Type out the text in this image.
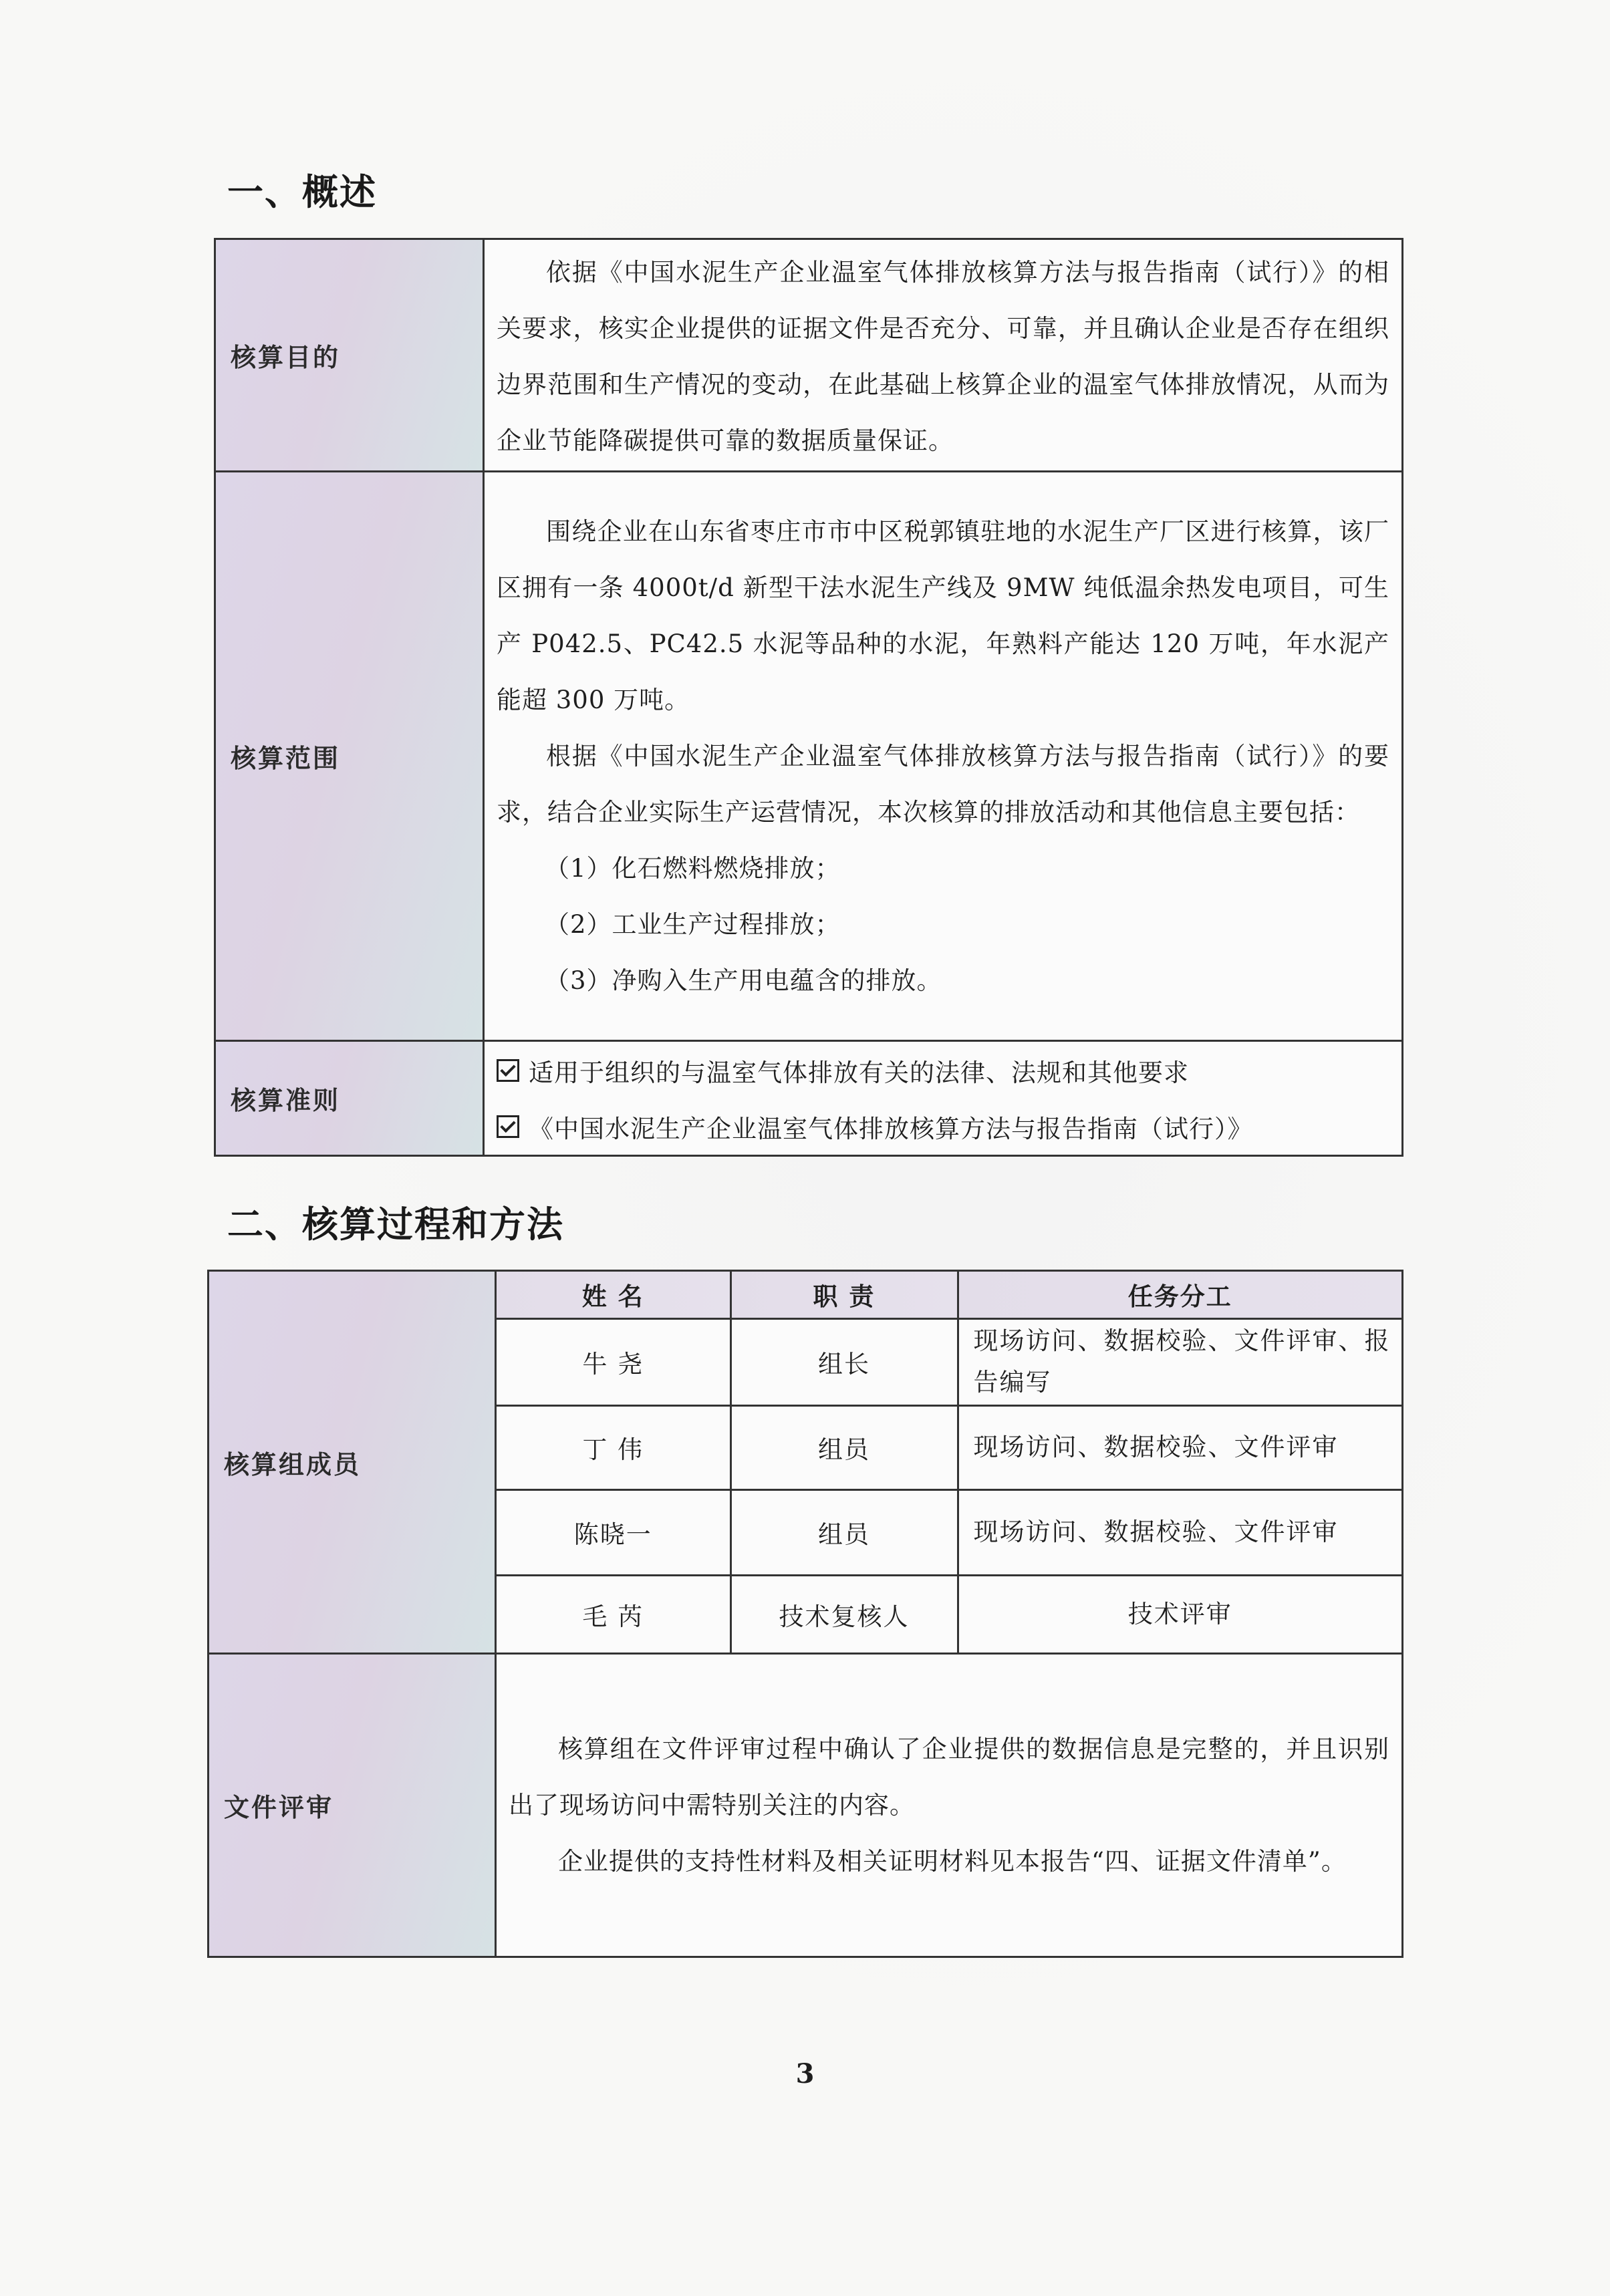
一、概述
核算目的	依据《中国水泥生产企业温室气体排放核算方法与报告指南（试行）》的相关要求，核实企业提供的证据文件是否充分、可靠，并且确认企业是否存在组织边界范围和生产情况的变动，在此基础上核算企业的温室气体排放情况，从而为企业节能降碳提供可靠的数据质量保证。

核算范围	围绕企业在山东省枣庄市市中区税郭镇驻地的水泥生产厂区进行核算，该厂区拥有一条 4000t/d 新型干法水泥生产线及 9MW 纯低温余热发电项目，可生产 P042.5、PC42.5 水泥等品种的水泥，年熟料产能达 120 万吨，年水泥产能超 300 万吨。

根据《中国水泥生产企业温室气体排放核算方法与报告指南（试行）》的要求，结合企业实际生产运营情况，本次核算的排放活动和其他信息主要包括：

（1）化石燃料燃烧排放；
（2）工业生产过程排放；
（3）净购入生产用电蕴含的排放。

核算准则	适用于组织的与温室气体排放有关的法律、法规和其他要求
《中国水泥生产企业温室气体排放核算方法与报告指南（试行）》
二、核算过程和方法
核算组成员	
姓 名	职 责	任务分工
牛 尧	组长	现场访问、数据校验、文件评审、报告编写
丁 伟	组员	现场访问、数据校验、文件评审
陈晓一	组员	现场访问、数据校验、文件评审
毛 芮	技术复核人	技术评审

文件评审	

核算组在文件评审过程中确认了企业提供的数据信息是完整的，并且识别出了现场访问中需特别关注的内容。

企业提供的支持性材料及相关证明材料见本报告“四、证据文件清单”。

3
